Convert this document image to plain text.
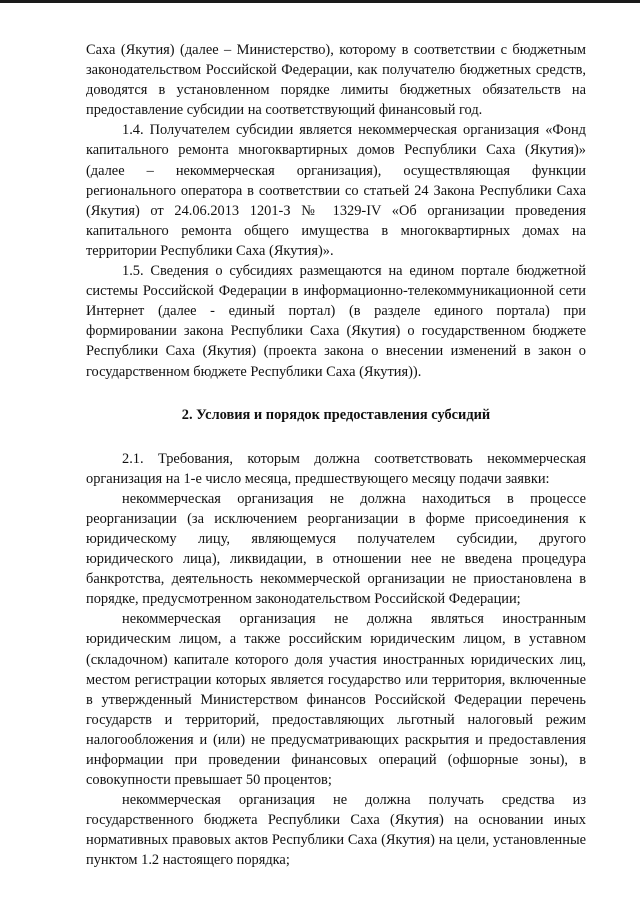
Саха (Якутия) (далее – Министерство), которому в соответствии с бюджетным законодательством Российской Федерации, как получателю бюджетных средств, доводятся в установленном порядке лимиты бюджетных обязательств на предоставление субсидии на соответствующий финансовый год.

1.4. Получателем субсидии является некоммерческая организация «Фонд капитального ремонта многоквартирных домов Республики Саха (Якутия)» (далее – некоммерческая организация), осуществляющая функции регионального оператора в соответствии со статьей 24 Закона Республики Саха (Якутия) от 24.06.2013 1201-З № 1329-IV «Об организации проведения капитального ремонта общего имущества в многоквартирных домах на территории Республики Саха (Якутия)».

1.5. Сведения о субсидиях размещаются на едином портале бюджетной системы Российской Федерации в информационно-телекоммуникационной сети Интернет (далее - единый портал) (в разделе единого портала) при формировании закона Республики Саха (Якутия) о государственном бюджете Республики Саха (Якутия) (проекта закона о внесении изменений в закон о государственном бюджете Республики Саха (Якутия)).

2. Условия и порядок предоставления субсидий

2.1. Требования, которым должна соответствовать некоммерческая организация на 1-е число месяца, предшествующего месяцу подачи заявки:

некоммерческая организация не должна находиться в процессе реорганизации (за исключением реорганизации в форме присоединения к юридическому лицу, являющемуся получателем субсидии, другого юридического лица), ликвидации, в отношении нее не введена процедура банкротства, деятельность некоммерческой организации не приостановлена в порядке, предусмотренном законодательством Российской Федерации;

некоммерческая организация не должна являться иностранным юридическим лицом, а также российским юридическим лицом, в уставном (складочном) капитале которого доля участия иностранных юридических лиц, местом регистрации которых является государство или территория, включенные в утвержденный Министерством финансов Российской Федерации перечень государств и территорий, предоставляющих льготный налоговый режим налогообложения и (или) не предусматривающих раскрытия и предоставления информации при проведении финансовых операций (офшорные зоны), в совокупности превышает 50 процентов;

некоммерческая организация не должна получать средства из государственного бюджета Республики Саха (Якутия) на основании иных нормативных правовых актов Республики Саха (Якутия) на цели, установленные пунктом 1.2 настоящего порядка;
